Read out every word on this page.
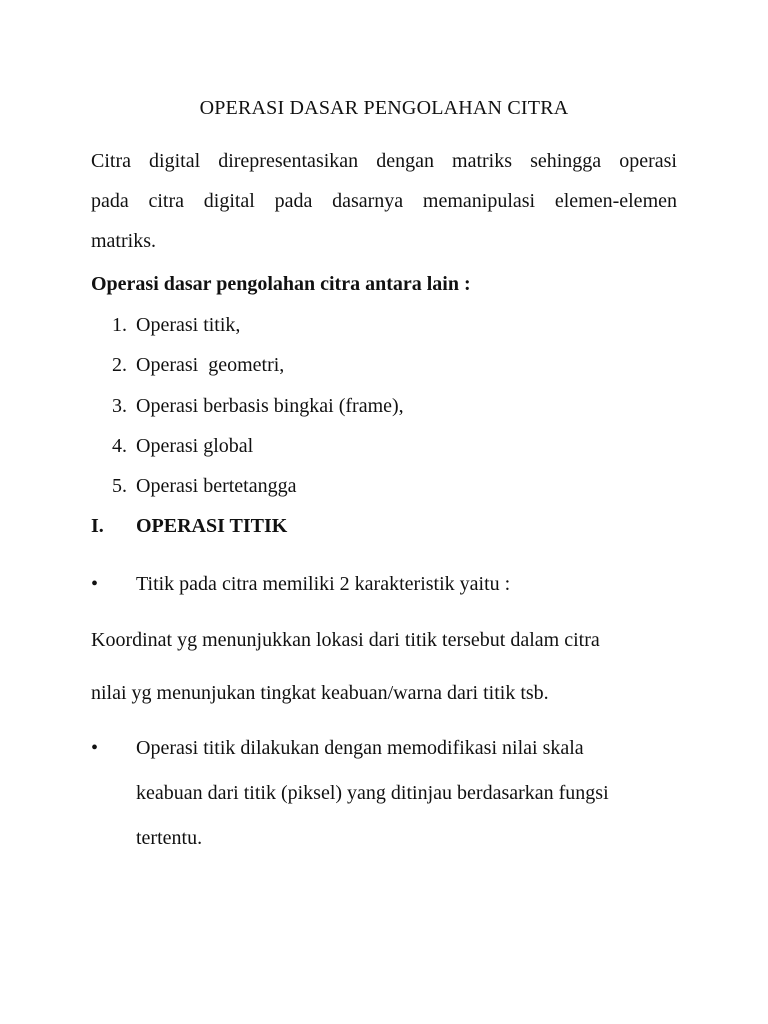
OPERASI DASAR PENGOLAHAN CITRA
Citra digital direpresentasikan dengan matriks sehingga operasi
pada citra digital pada dasarnya memanipulasi elemen-elemen
matriks.
Operasi dasar pengolahan citra antara lain :
1. Operasi titik,
2. Operasi  geometri,
3. Operasi berbasis bingkai (frame),
4. Operasi global
5. Operasi bertetangga
I. OPERASI TITIK
• Titik pada citra memiliki 2 karakteristik yaitu :
Koordinat yg menunjukkan lokasi dari titik tersebut dalam citra
nilai yg menunjukan tingkat keabuan/warna dari titik tsb.
• Operasi titik dilakukan dengan memodifikasi nilai skala
keabuan dari titik (piksel) yang ditinjau berdasarkan fungsi
tertentu.
